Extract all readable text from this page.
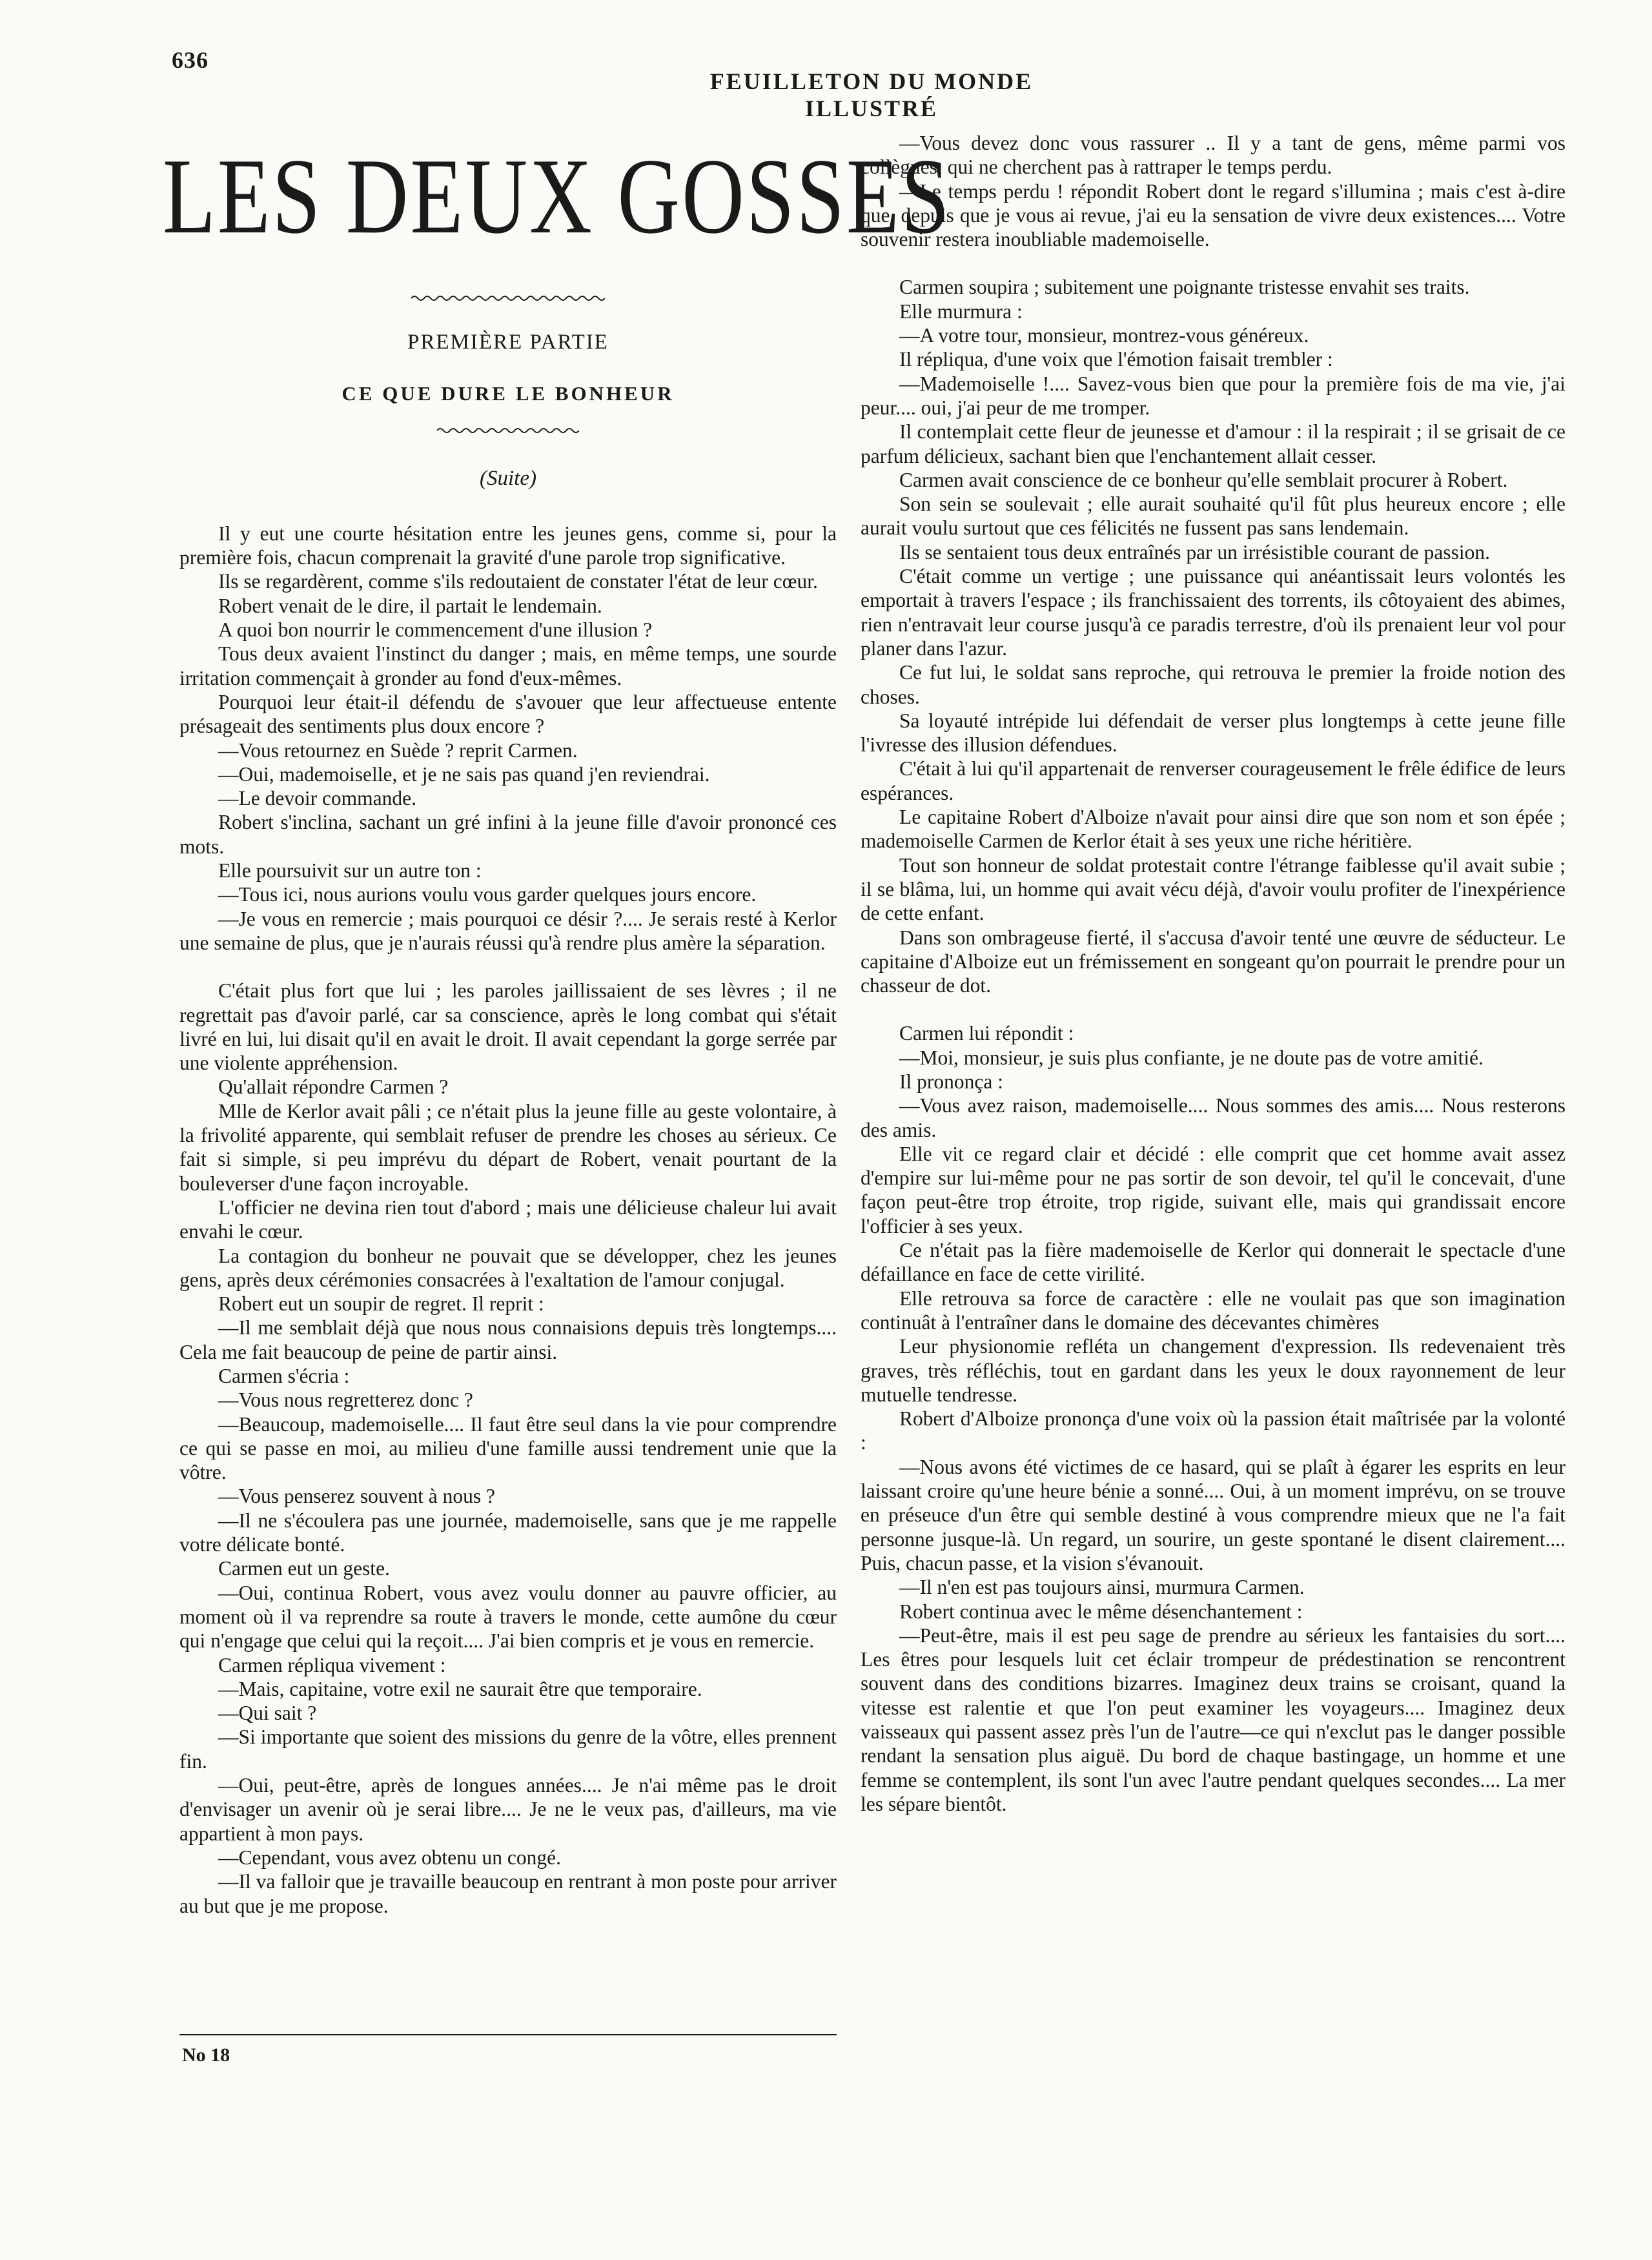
636
FEUILLETON DU MONDE ILLUSTRÉ
LES DEUX GOSSES
PREMIÈRE PARTIE
CE QUE DURE LE BONHEUR
(Suite)

Il y eut une courte hésitation entre les jeunes gens, comme si, pour la première fois, chacun comprenait la gravité d'une parole trop significative.

Ils se regardèrent, comme s'ils redoutaient de constater l'état de leur cœur.

Robert venait de le dire, il partait le lendemain.

A quoi bon nourrir le commencement d'une illusion ?

Tous deux avaient l'instinct du danger ; mais, en même temps, une sourde irritation commençait à gronder au fond d'eux-mêmes.

Pourquoi leur était-il défendu de s'avouer que leur affectueuse entente présageait des sentiments plus doux encore ?

—Vous retournez en Suède ? reprit Carmen.

—Oui, mademoiselle, et je ne sais pas quand j'en reviendrai.

—Le devoir commande.

Robert s'inclina, sachant un gré infini à la jeune fille d'avoir prononcé ces mots.

Elle poursuivit sur un autre ton :

—Tous ici, nous aurions voulu vous garder quelques jours encore.

—Je vous en remercie ; mais pourquoi ce désir ?.... Je serais resté à Kerlor une semaine de plus, que je n'aurais réussi qu'à rendre plus amère la séparation.

C'était plus fort que lui ; les paroles jaillissaient de ses lèvres ; il ne regrettait pas d'avoir parlé, car sa conscience, après le long combat qui s'était livré en lui, lui disait qu'il en avait le droit. Il avait cependant la gorge serrée par une violente appréhension.

Qu'allait répondre Carmen ?

Mlle de Kerlor avait pâli ; ce n'était plus la jeune fille au geste volontaire, à la frivolité apparente, qui semblait refuser de prendre les choses au sérieux. Ce fait si simple, si peu imprévu du départ de Robert, venait pourtant de la bouleverser d'une façon incroyable.

L'officier ne devina rien tout d'abord ; mais une délicieuse chaleur lui avait envahi le cœur.

La contagion du bonheur ne pouvait que se développer, chez les jeunes gens, après deux cérémonies consacrées à l'exaltation de l'amour conjugal.

Robert eut un soupir de regret. Il reprit :

—Il me semblait déjà que nous nous connaisions depuis très longtemps.... Cela me fait beaucoup de peine de partir ainsi.

Carmen s'écria :

—Vous nous regretterez donc ?

—Beaucoup, mademoiselle.... Il faut être seul dans la vie pour comprendre ce qui se passe en moi, au milieu d'une famille aussi tendrement unie que la vôtre.

—Vous penserez souvent à nous ?

—Il ne s'écoulera pas une journée, mademoiselle, sans que je me rappelle votre délicate bonté.

Carmen eut un geste.

—Oui, continua Robert, vous avez voulu donner au pauvre officier, au moment où il va reprendre sa route à travers le monde, cette aumône du cœur qui n'engage que celui qui la reçoit.... J'ai bien compris et je vous en remercie.

Carmen répliqua vivement :

—Mais, capitaine, votre exil ne saurait être que temporaire.

—Qui sait ?

—Si importante que soient des missions du genre de la vôtre, elles prennent fin.

—Oui, peut-être, après de longues années.... Je n'ai même pas le droit d'envisager un avenir où je serai libre.... Je ne le veux pas, d'ailleurs, ma vie appartient à mon pays.

—Cependant, vous avez obtenu un congé.

—Il va falloir que je travaille beaucoup en rentrant à mon poste pour arriver au but que je me propose.

—Vous devez donc vous rassurer .. Il y a tant de gens, même parmi vos collègues, qui ne cherchent pas à rattraper le temps perdu.

—Le temps perdu ! répondit Robert dont le regard s'illumina ; mais c'est à-dire que, depuis que je vous ai revue, j'ai eu la sensation de vivre deux existences.... Votre souvenir restera inoubliable mademoiselle.

Carmen soupira ; subitement une poignante tristesse envahit ses traits.

Elle murmura :

—A votre tour, monsieur, montrez-vous généreux.

Il répliqua, d'une voix que l'émotion faisait trembler :

—Mademoiselle !.... Savez-vous bien que pour la première fois de ma vie, j'ai peur.... oui, j'ai peur de me tromper.

Il contemplait cette fleur de jeunesse et d'amour : il la respirait ; il se grisait de ce parfum délicieux, sachant bien que l'enchantement allait cesser.

Carmen avait conscience de ce bonheur qu'elle semblait procurer à Robert.

Son sein se soulevait ; elle aurait souhaité qu'il fût plus heureux encore ; elle aurait voulu surtout que ces félicités ne fussent pas sans lendemain.

Ils se sentaient tous deux entraînés par un irrésistible courant de passion.

C'était comme un vertige ; une puissance qui anéantissait leurs volontés les emportait à travers l'espace ; ils franchissaient des torrents, ils côtoyaient des abimes, rien n'entravait leur course jusqu'à ce paradis terrestre, d'où ils prenaient leur vol pour planer dans l'azur.

Ce fut lui, le soldat sans reproche, qui retrouva le premier la froide notion des choses.

Sa loyauté intrépide lui défendait de verser plus longtemps à cette jeune fille l'ivresse des illusion défendues.

C'était à lui qu'il appartenait de renverser courageusement le frêle édifice de leurs espérances.

Le capitaine Robert d'Alboize n'avait pour ainsi dire que son nom et son épée ; mademoiselle Carmen de Kerlor était à ses yeux une riche héritière.

Tout son honneur de soldat protestait contre l'étrange faiblesse qu'il avait subie ; il se blâma, lui, un homme qui avait vécu déjà, d'avoir voulu profiter de l'inexpérience de cette enfant.

Dans son ombrageuse fierté, il s'accusa d'avoir tenté une œuvre de séducteur. Le capitaine d'Alboize eut un frémissement en songeant qu'on pourrait le prendre pour un chasseur de dot.

Carmen lui répondit :

—Moi, monsieur, je suis plus confiante, je ne doute pas de votre amitié.

Il prononça :

—Vous avez raison, mademoiselle.... Nous sommes des amis.... Nous resterons des amis.

Elle vit ce regard clair et décidé : elle comprit que cet homme avait assez d'empire sur lui-même pour ne pas sortir de son devoir, tel qu'il le concevait, d'une façon peut-être trop étroite, trop rigide, suivant elle, mais qui grandissait encore l'officier à ses yeux.

Ce n'était pas la fière mademoiselle de Kerlor qui donnerait le spectacle d'une défaillance en face de cette virilité.

Elle retrouva sa force de caractère : elle ne voulait pas que son imagination continuât à l'entraîner dans le domaine des décevantes chimères

Leur physionomie refléta un changement d'expression. Ils redevenaient très graves, très réfléchis, tout en gardant dans les yeux le doux rayonnement de leur mutuelle tendresse.

Robert d'Alboize prononça d'une voix où la passion était maîtrisée par la volonté :

—Nous avons été victimes de ce hasard, qui se plaît à égarer les esprits en leur laissant croire qu'une heure bénie a sonné.... Oui, à un moment imprévu, on se trouve en préseuce d'un être qui semble destiné à vous comprendre mieux que ne l'a fait personne jusque-là. Un regard, un sourire, un geste spontané le disent clairement.... Puis, chacun passe, et la vision s'évanouit.

—Il n'en est pas toujours ainsi, murmura Carmen.

Robert continua avec le même désenchantement :

—Peut-être, mais il est peu sage de prendre au sérieux les fantaisies du sort.... Les êtres pour lesquels luit cet éclair trompeur de prédestination se rencontrent souvent dans des conditions bizarres. Imaginez deux trains se croisant, quand la vitesse est ralentie et que l'on peut examiner les voyageurs.... Imaginez deux vaisseaux qui passent assez près l'un de l'autre—ce qui n'exclut pas le danger possible rendant la sensation plus aiguë. Du bord de chaque bastingage, un homme et une femme se contemplent, ils sont l'un avec l'autre pendant quelques secondes.... La mer les sépare bientôt.

No 18
